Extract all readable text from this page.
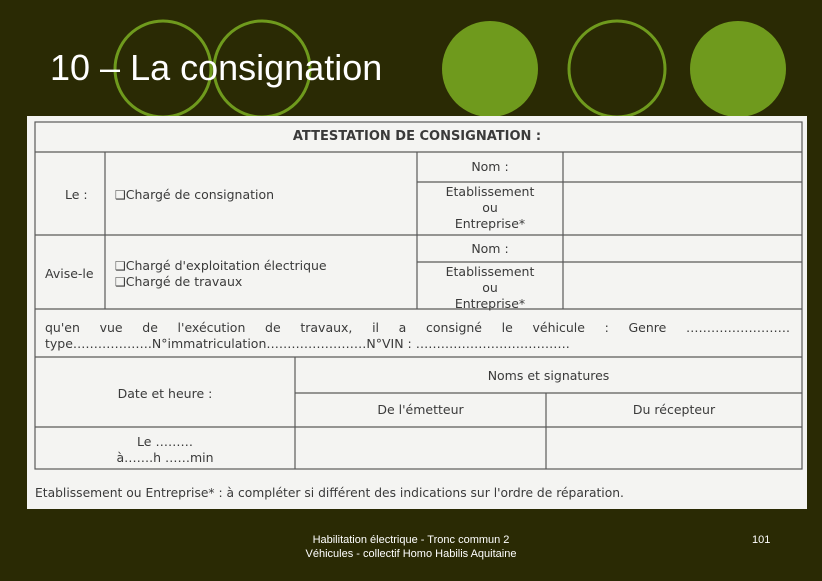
10 – La consignation
ATTESTATION DE CONSIGNATION :
Le : ❑Chargé de consignation
Nom :
Etablissement
ou
Entreprise*
Avise-le ❑Chargé d'exploitation électrique
❑Chargé de travaux
Nom :
Etablissement
ou
Entreprise*
qu'en vue de l'exécution de travaux, il a consigné le véhicule : Genre …………………….
type……………….N°immatriculation……………………N°VIN : ……………………………….
Date et heure :
Noms et signatures
De l'émetteur	Du récepteur
Le ………
à…….h ……min
Etablissement ou Entreprise* : à compléter si différent des indications sur l'ordre de réparation.
Habilitation électrique - Tronc commun 2
Véhicules - collectif Homo Habilis Aquitaine
101
